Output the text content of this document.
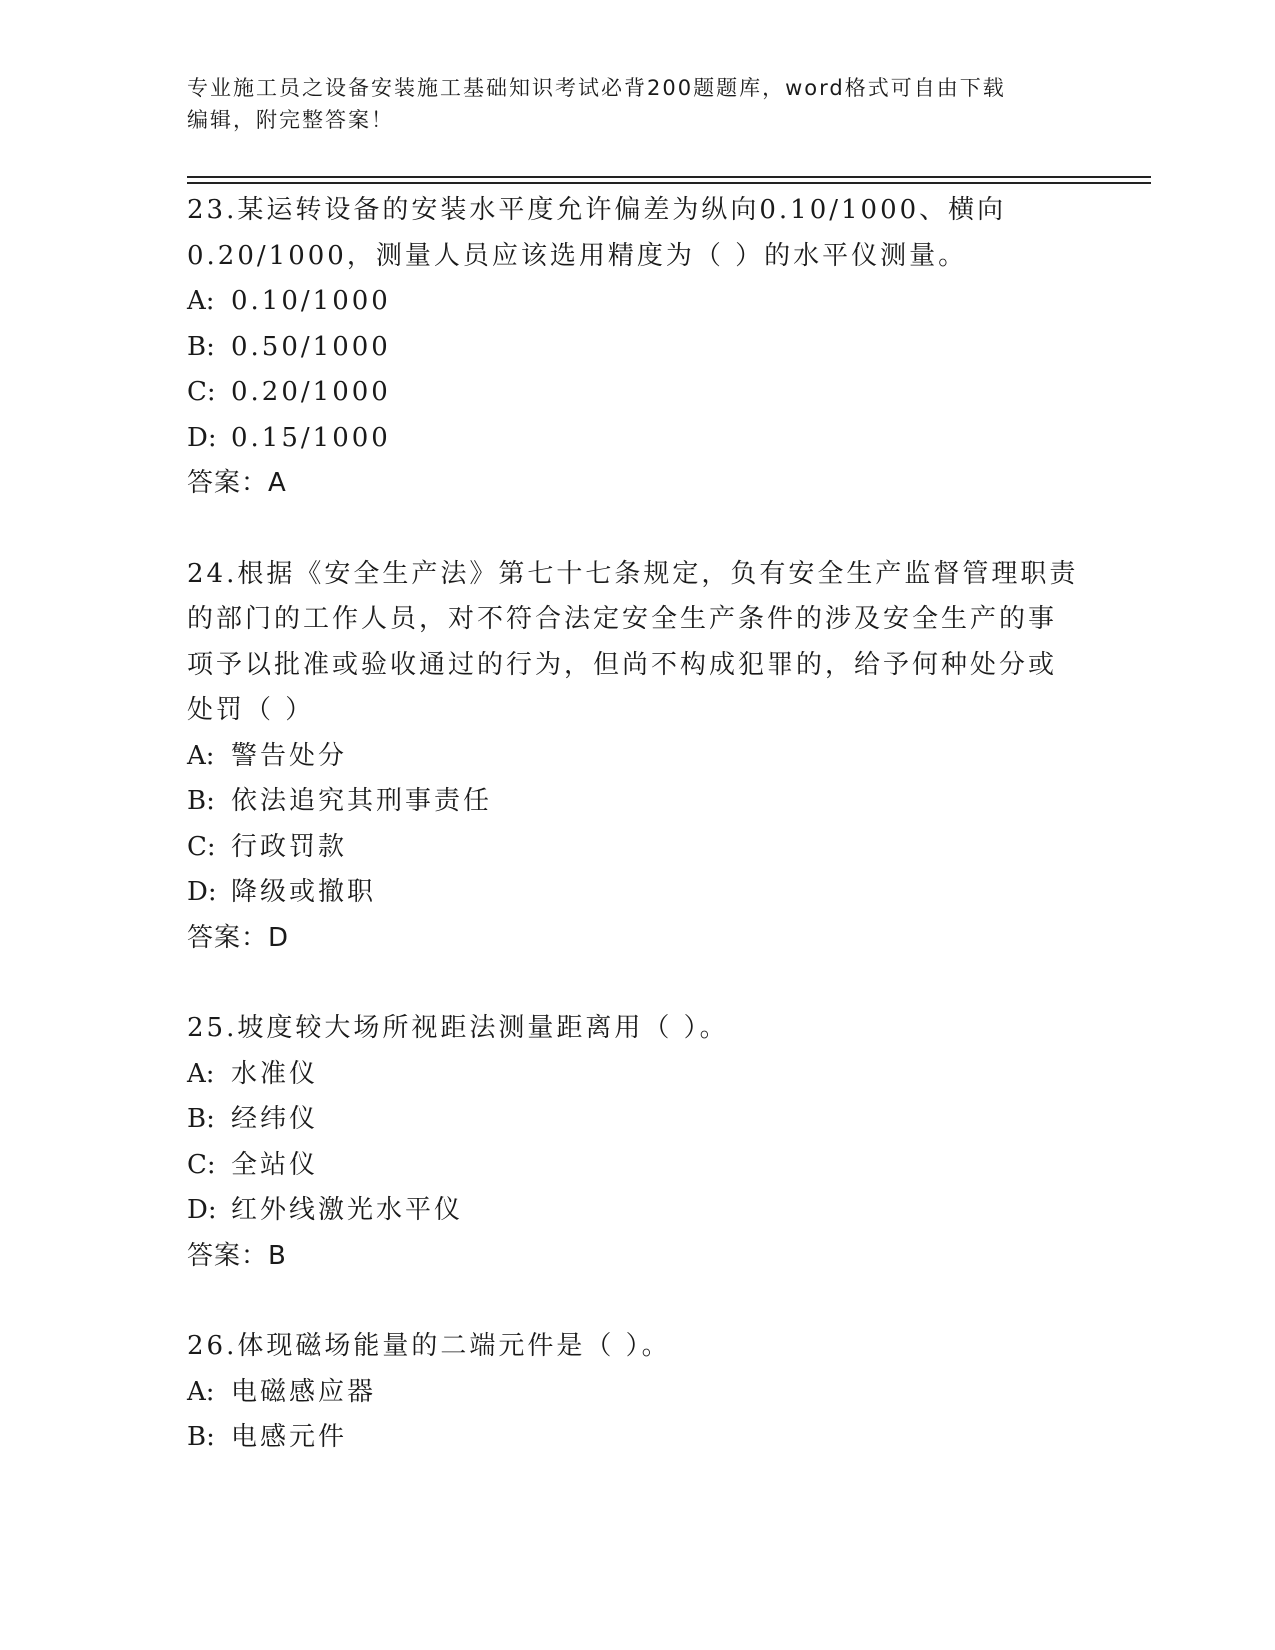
专业施工员之设备安装施工基础知识考试必背200题题库，word格式可自由下载
编辑，附完整答案！
23.某运转设备的安装水平度允许偏差为纵向0.10/1000、横向
0.20/1000，测量人员应该选用精度为（ ）的水平仪测量。
A: 0.10/1000
B: 0.50/1000
C: 0.20/1000
D: 0.15/1000
答案：A
24.根据《安全生产法》第七十七条规定，负有安全生产监督管理职责
的部门的工作人员，对不符合法定安全生产条件的涉及安全生产的事
项予以批准或验收通过的行为，但尚不构成犯罪的，给予何种处分或
处罚（ ）
A: 警告处分
B: 依法追究其刑事责任
C: 行政罚款
D: 降级或撤职
答案：D
25.坡度较大场所视距法测量距离用（ ）。
A: 水准仪
B: 经纬仪
C: 全站仪
D: 红外线激光水平仪
答案：B
26.体现磁场能量的二端元件是（ ）。
A: 电磁感应器
B: 电感元件
